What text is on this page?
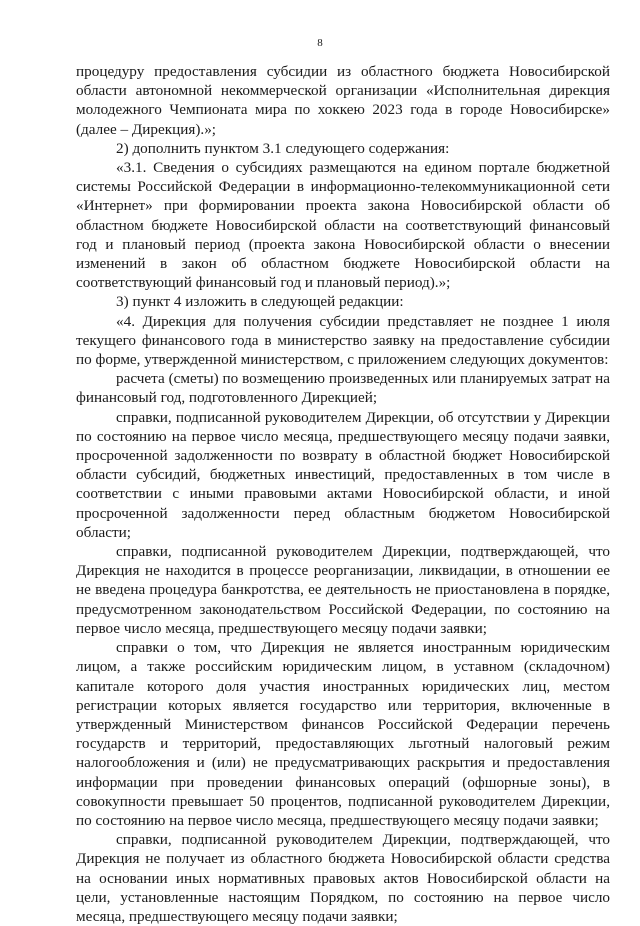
8

процедуру предоставления субсидии из областного бюджета Новосибирской области автономной некоммерческой организации «Исполнительная дирекция молодежного Чемпионата мира по хоккею 2023 года в городе Новосибирске» (далее – Дирекция).»;

2) дополнить пунктом 3.1 следующего содержания:

«3.1. Сведения о субсидиях размещаются на едином портале бюджетной системы Российской Федерации в информационно-телекоммуникационной сети «Интернет» при формировании проекта закона Новосибирской области об областном бюджете Новосибирской области на соответствующий финансовый год и плановый период (проекта закона Новосибирской области о внесении изменений в закон об областном бюджете Новосибирской области на соответствующий финансовый год и плановый период).»;

3) пункт 4 изложить в следующей редакции:

«4. Дирекция для получения субсидии представляет не позднее 1 июля текущего финансового года в министерство заявку на предоставление субсидии по форме, утвержденной министерством, с приложением следующих документов:

расчета (сметы) по возмещению произведенных или планируемых затрат на финансовый год, подготовленного Дирекцией;

справки, подписанной руководителем Дирекции, об отсутствии у Дирекции по состоянию на первое число месяца, предшествующего месяцу подачи заявки, просроченной задолженности по возврату в областной бюджет Новосибирской области субсидий, бюджетных инвестиций, предоставленных в том числе в соответствии с иными правовыми актами Новосибирской области, и иной просроченной задолженности перед областным бюджетом Новосибирской области;

справки, подписанной руководителем Дирекции, подтверждающей, что Дирекция не находится в процессе реорганизации, ликвидации, в отношении ее не введена процедура банкротства, ее деятельность не приостановлена в порядке, предусмотренном законодательством Российской Федерации, по состоянию на первое число месяца, предшествующего месяцу подачи заявки;

справки о том, что Дирекция не является иностранным юридическим лицом, а также российским юридическим лицом, в уставном (складочном) капитале которого доля участия иностранных юридических лиц, местом регистрации которых является государство или территория, включенные в утвержденный Министерством финансов Российской Федерации перечень государств и территорий, предоставляющих льготный налоговый режим налогообложения и (или) не предусматривающих раскрытия и предоставления информации при проведении финансовых операций (офшорные зоны), в совокупности превышает 50 процентов, подписанной руководителем Дирекции, по состоянию на первое число месяца, предшествующего месяцу подачи заявки;

справки, подписанной руководителем Дирекции, подтверждающей, что Дирекция не получает из областного бюджета Новосибирской области средства на основании иных нормативных правовых актов Новосибирской области на цели, установленные настоящим Порядком, по состоянию на первое число месяца, предшествующего месяцу подачи заявки;
